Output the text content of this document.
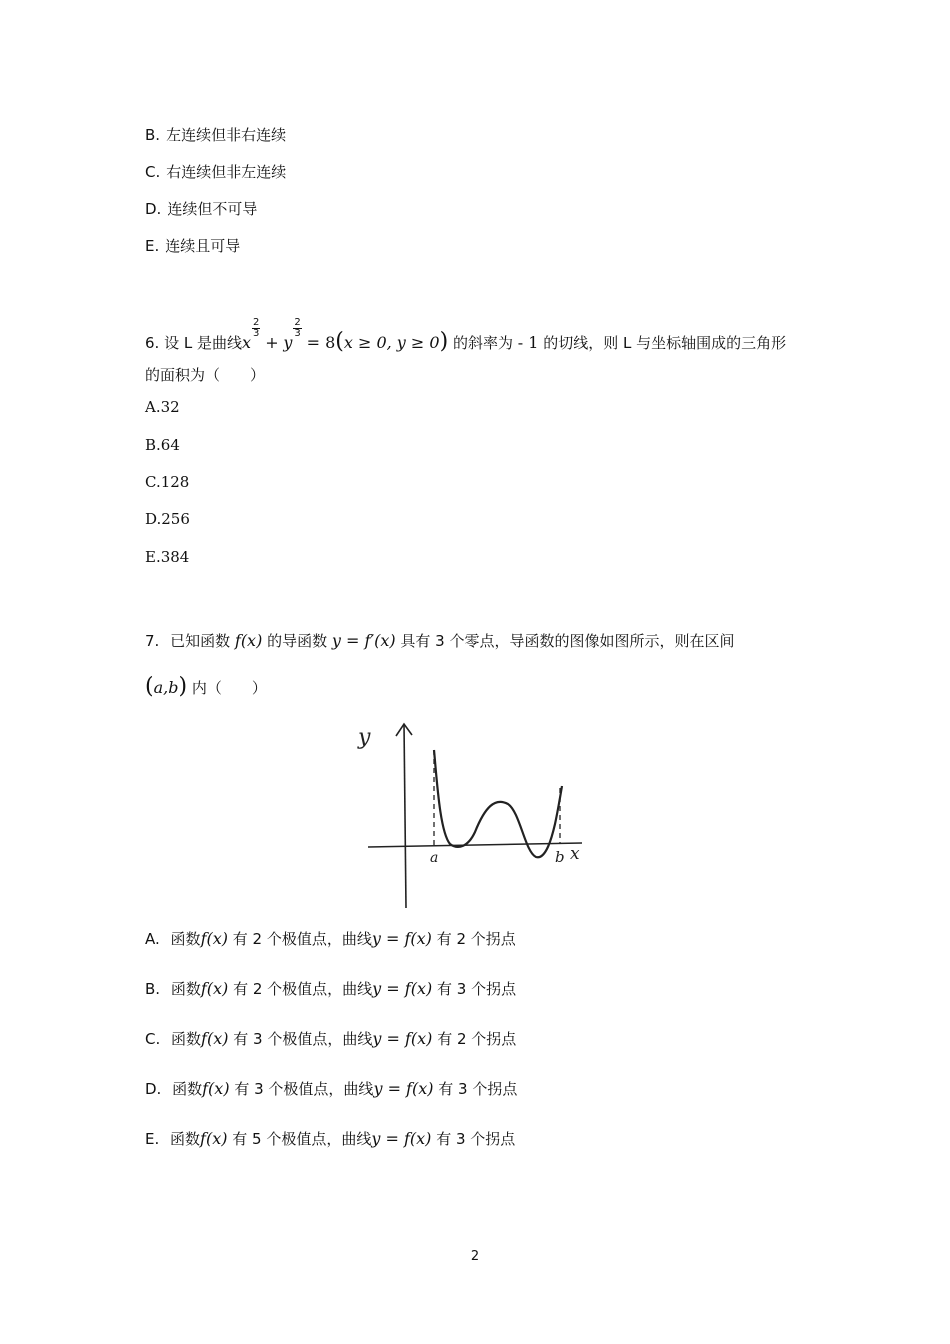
B. 左连续但非右连续
C. 右连续但非左连续
D. 连续但不可导
E. 连续且可导
6. 设 L 是曲线x
$^{\frac{2}{3}}$
+ y
$^{\frac{2}{3}}$
= 8(x ≥ 0, y ≥ 0) 的斜率为 - 1 的切线，则 L 与坐标轴围成的三角形
的面积为（　　）
A.32
B.64
C.128
D.256
E.384
7. 已知函数 f(x) 的导函数 y = f′(x) 具有 3 个零点，导函数的图像如图所示，则在区间
(a,b) 内（　　）
y
a	b x
A. 函数f(x) 有 2 个极值点，曲线y = f(x) 有 2 个拐点
B. 函数f(x) 有 2 个极值点，曲线y = f(x) 有 3 个拐点
C. 函数f(x) 有 3 个极值点，曲线y = f(x) 有 2 个拐点
D. 函数f(x) 有 3 个极值点，曲线y = f(x) 有 3 个拐点
E. 函数f(x) 有 5 个极值点，曲线y = f(x) 有 3 个拐点
2
